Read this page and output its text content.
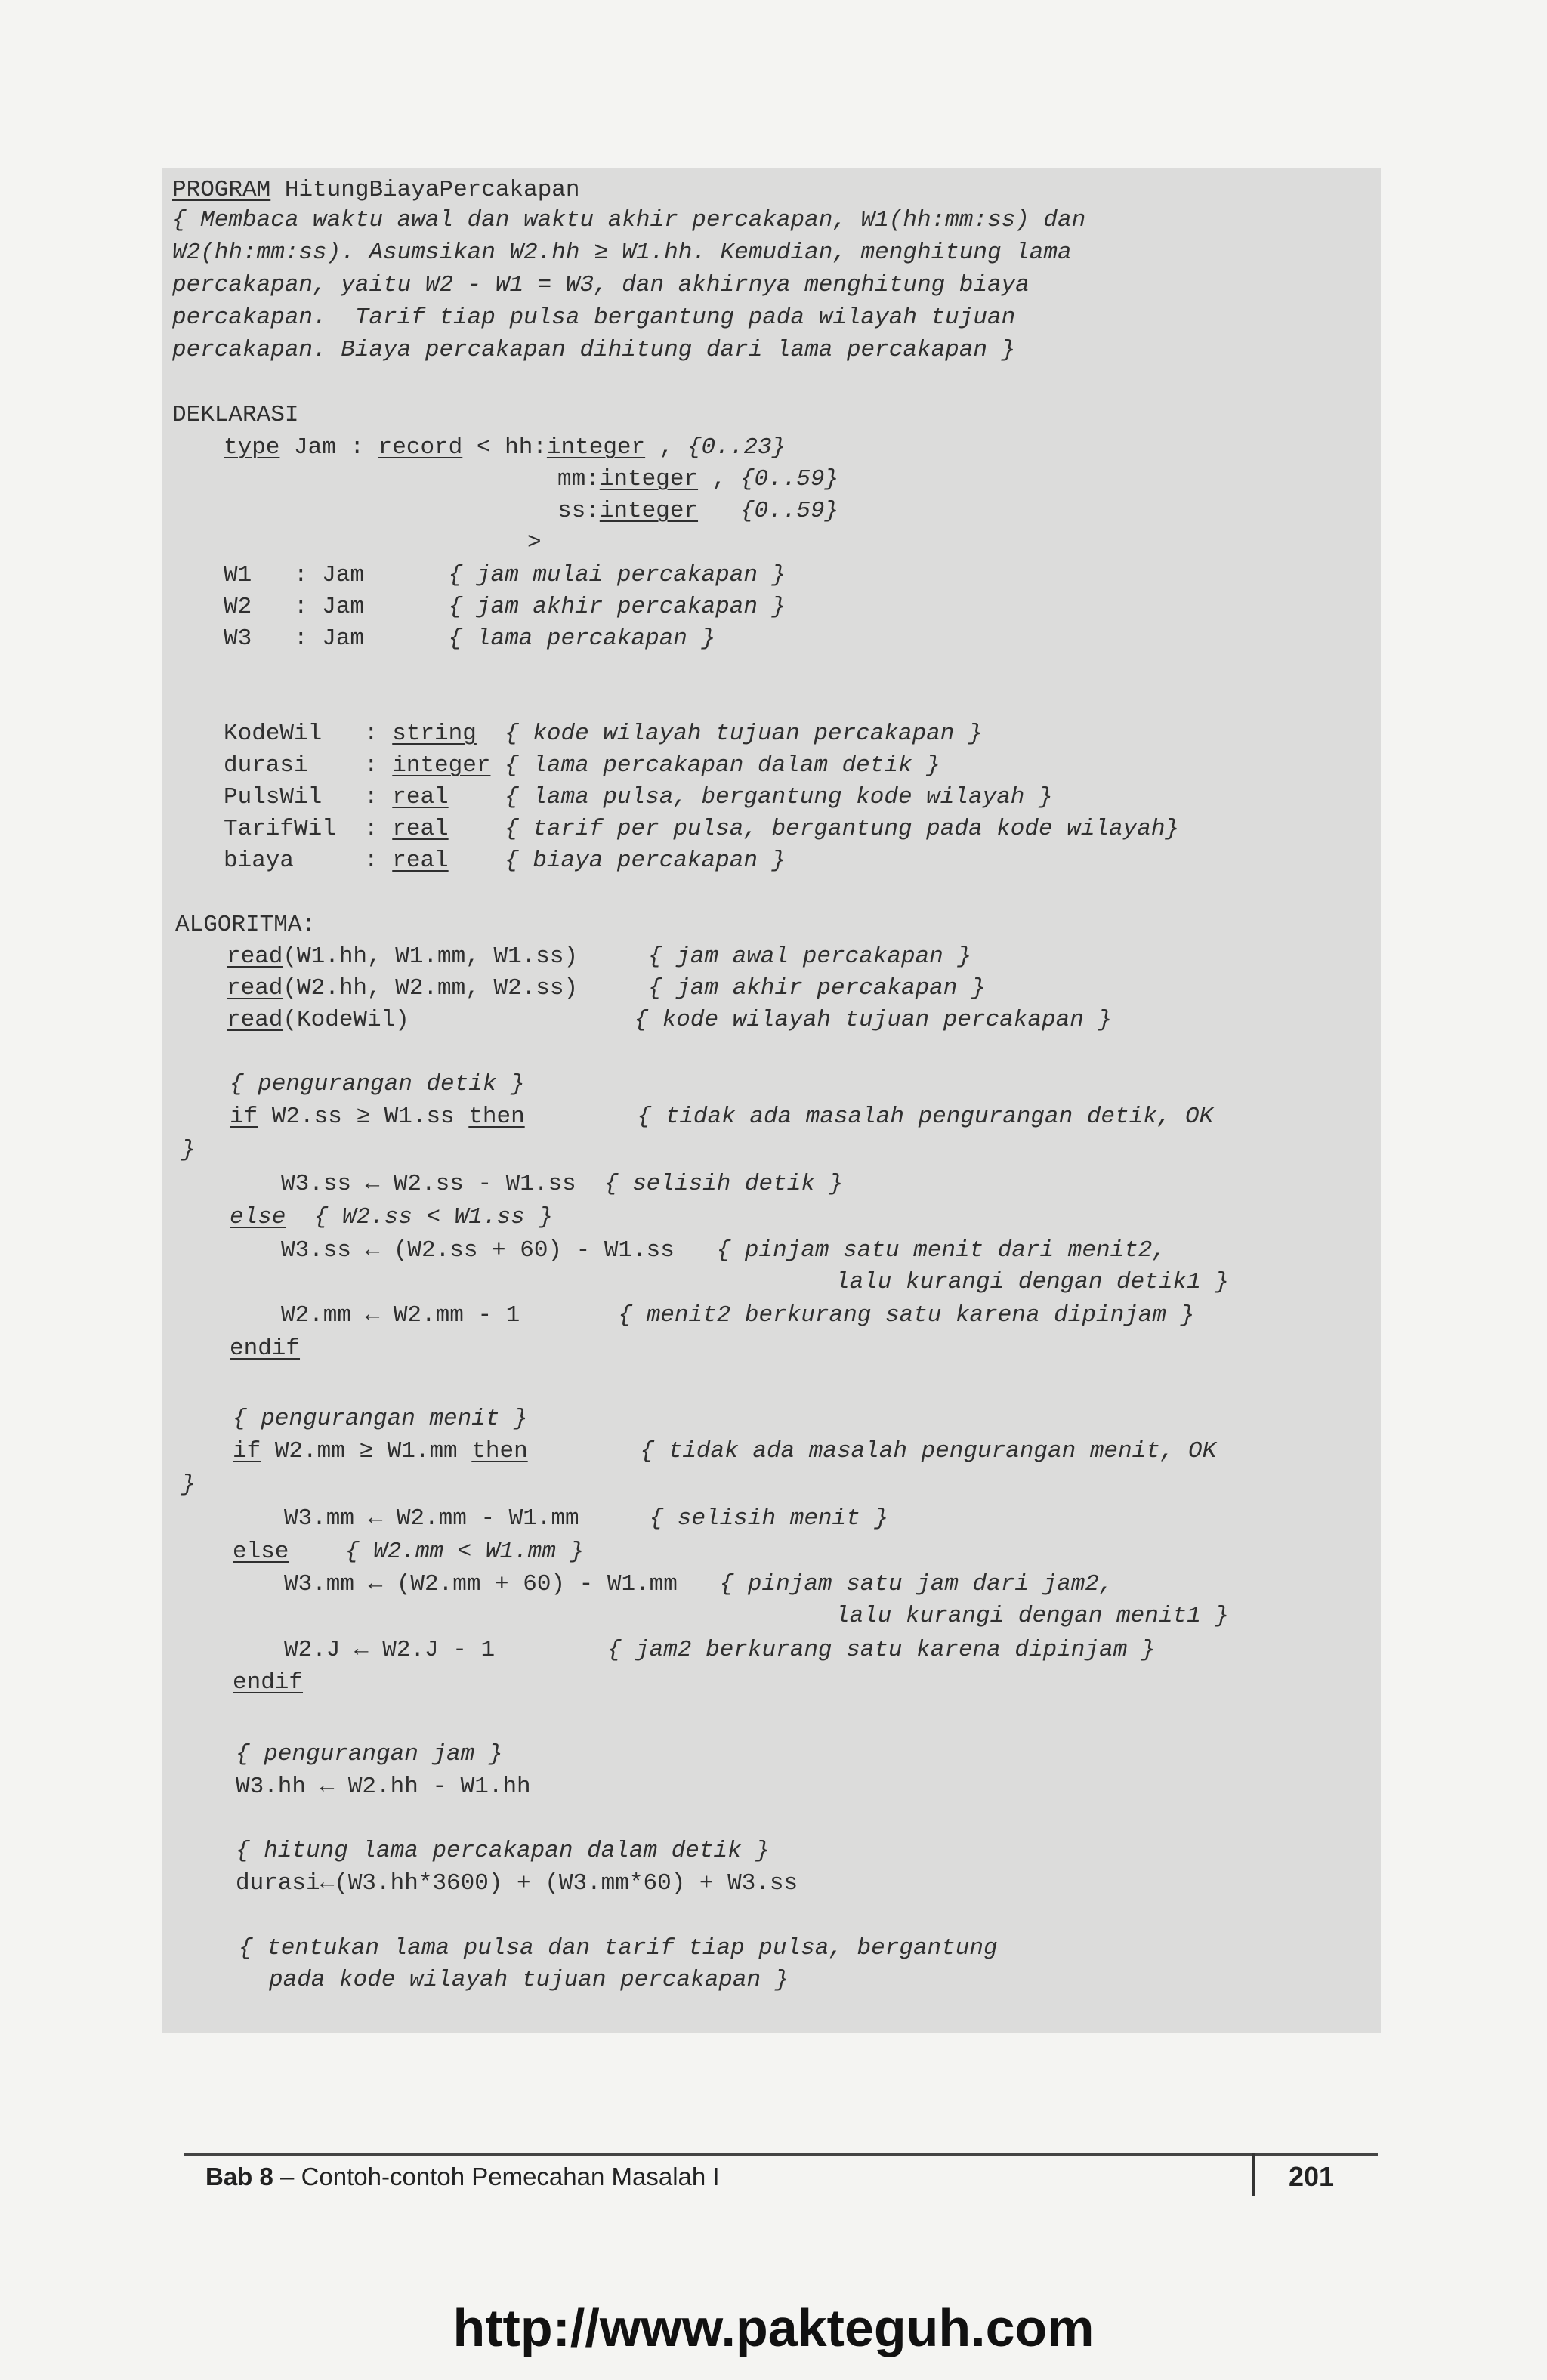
PROGRAM HitungBiayaPercakapan
{ Membaca waktu awal dan waktu akhir percakapan, W1(hh:mm:ss) dan
W2(hh:mm:ss). Asumsikan W2.hh ≥ W1.hh. Kemudian, menghitung lama
percakapan, yaitu W2 - W1 = W3, dan akhirnya menghitung biaya
percakapan.  Tarif tiap pulsa bergantung pada wilayah tujuan
percakapan. Biaya percakapan dihitung dari lama percakapan }
DEKLARASI
type Jam : record < hh:integer , {0..23}
mm:integer , {0..59}
ss:integer {0..59}
>
W1   : Jam      { jam mulai percakapan }
W2   : Jam      { jam akhir percakapan }
W3   : Jam      { lama percakapan }
KodeWil   : string { kode wilayah tujuan percakapan }
durasi    : integer { lama percakapan dalam detik }
PulsWil   : real { lama pulsa, bergantung kode wilayah }
TarifWil  : real { tarif per pulsa, bergantung pada kode wilayah}
biaya     : real { biaya percakapan }
ALGORITMA:
read(W1.hh, W1.mm, W1.ss)     { jam awal percakapan }
read(W2.hh, W2.mm, W2.ss)     { jam akhir percakapan }
read(KodeWil)                { kode wilayah tujuan percakapan }
{ pengurangan detik }
if W2.ss ≥ W1.ss then	{ tidak ada masalah pengurangan detik, OK
}
W3.ss ← W2.ss - W1.ss  { selisih detik }
else { W2.ss < W1.ss }
W3.ss ← (W2.ss + 60) - W1.ss   { pinjam satu menit dari menit2,
lalu kurangi dengan detik1 }
W2.mm ← W2.mm - 1       { menit2 berkurang satu karena dipinjam }
endif
{ pengurangan menit }
if W2.mm ≥ W1.mm then	{ tidak ada masalah pengurangan menit, OK
}
W3.mm ← W2.mm - W1.mm     { selisih menit }
else { W2.mm < W1.mm }
W3.mm ← (W2.mm + 60) - W1.mm   { pinjam satu jam dari jam2,
lalu kurangi dengan menit1 }
W2.J ← W2.J - 1        { jam2 berkurang satu karena dipinjam }
endif
{ pengurangan jam }
W3.hh ← W2.hh - W1.hh
{ hitung lama percakapan dalam detik }
durasi←(W3.hh*3600) + (W3.mm*60) + W3.ss
{ tentukan lama pulsa dan tarif tiap pulsa, bergantung
pada kode wilayah tujuan percakapan }
Bab 8 – Contoh-contoh Pemecahan Masalah I	201
http://www.pakteguh.com
